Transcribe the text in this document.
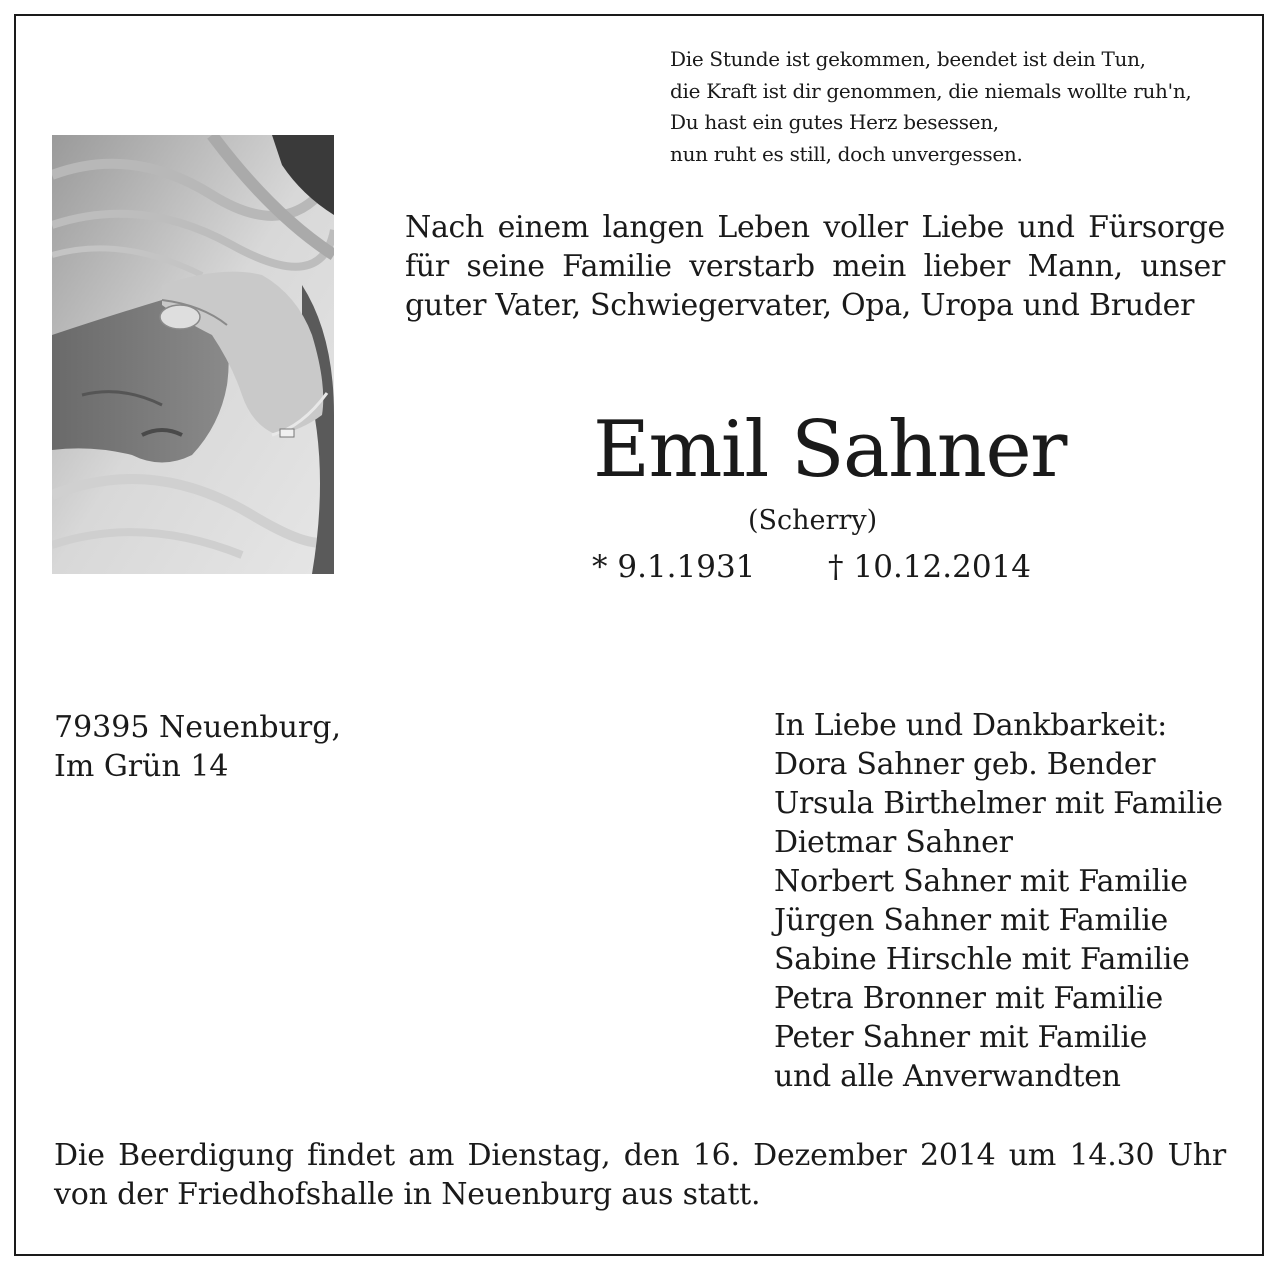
Die Stunde ist gekommen, beendet ist dein Tun,
die Kraft ist dir genommen, die niemals wollte ruh'n,
Du hast ein gutes Herz besessen,
nun ruht es still, doch unvergessen.
Nach einem langen Leben voller Liebe und Fürsorge für seine Familie verstarb mein lieber Mann, unser guter Vater, Schwiegervater, Opa, Uropa und Bruder
Emil Sahner
(Scherry)
* 9.1.1931 † 10.12.2014
79395 Neuenburg,
Im Grün 14
In Liebe und Dankbarkeit:
Dora Sahner geb. Bender
Ursula Birthelmer mit Familie
Dietmar Sahner
Norbert Sahner mit Familie
Jürgen Sahner mit Familie
Sabine Hirschle mit Familie
Petra Bronner mit Familie
Peter Sahner mit Familie
und alle Anverwandten
Die Beerdigung findet am Dienstag, den 16. Dezember 2014 um 14.30 Uhr von der Friedhofshalle in Neuenburg aus statt.
